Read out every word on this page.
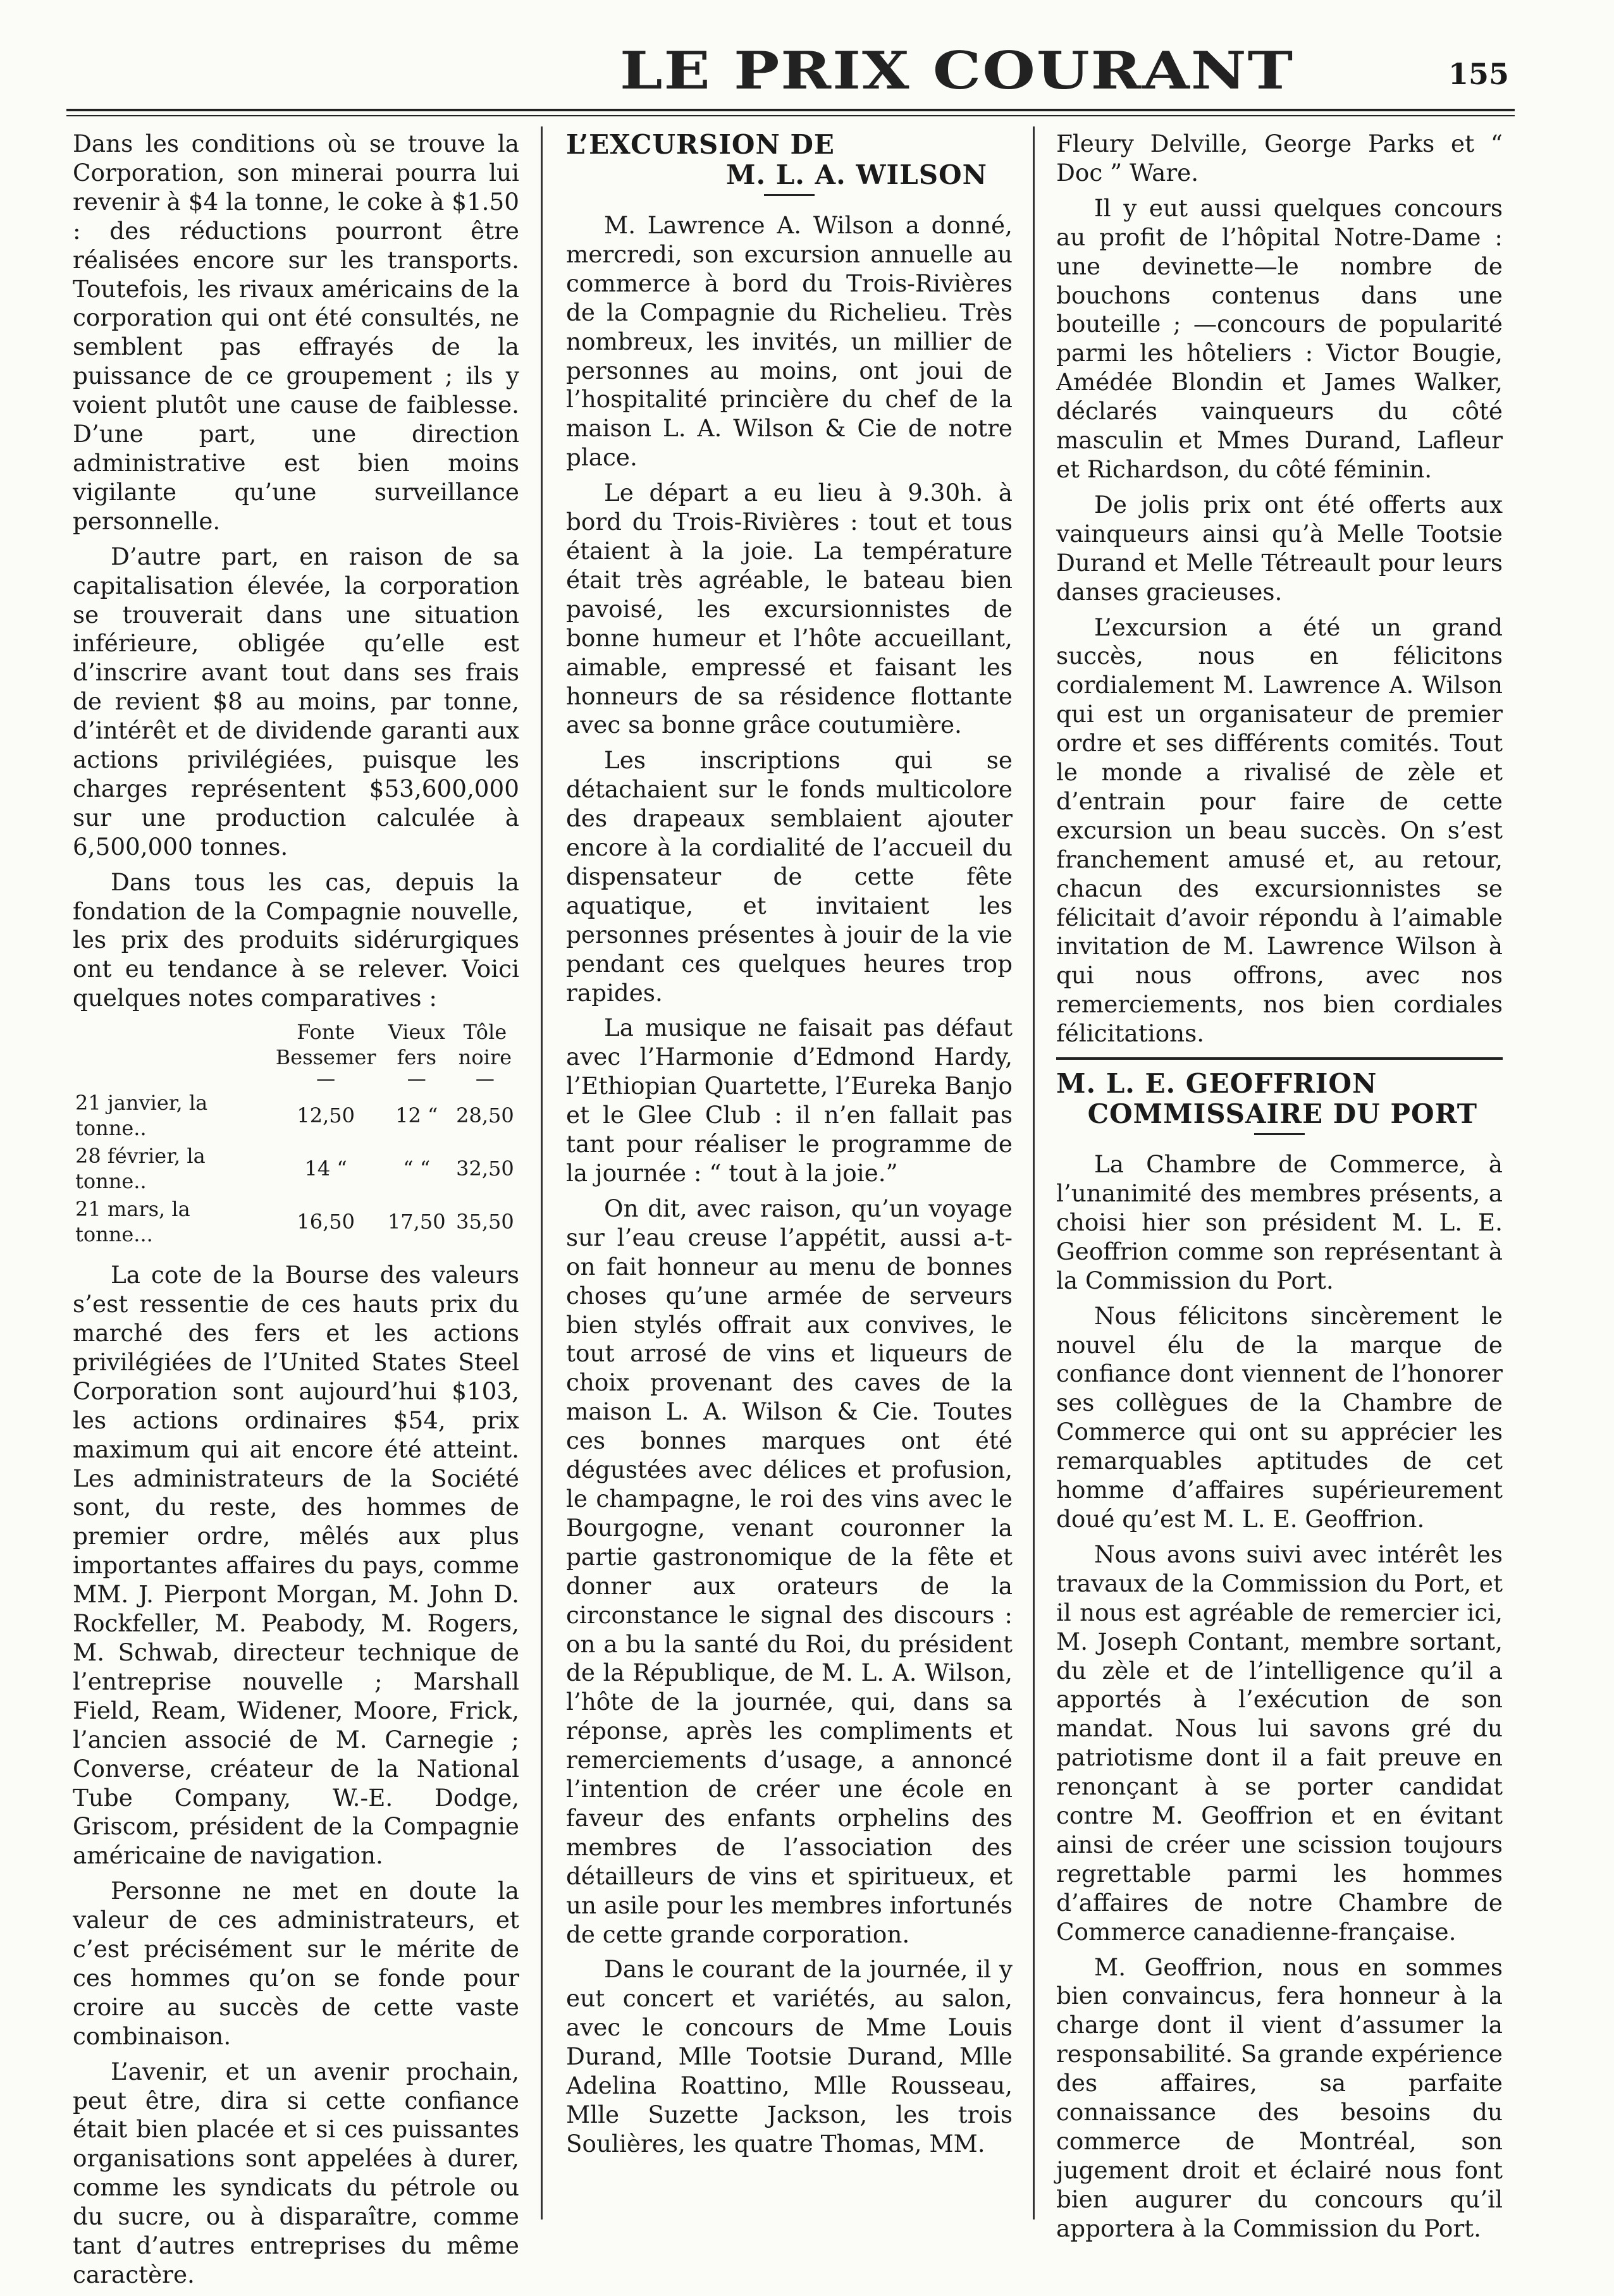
LE PRIX COURANT	155

Dans les conditions où se trouve la Corporation, son minerai pourra lui revenir à $4 la tonne, le coke à $1.50 : des réductions pourront être réalisées encore sur les transports. Toutefois, les rivaux américains de la corporation qui ont été consultés, ne semblent pas effrayés de la puissance de ce groupement ; ils y voient plutôt une cause de faiblesse. D’une part, une direction administrative est bien moins vigilante qu’une surveillance personnelle.

D’autre part, en raison de sa capitalisation élevée, la corporation se trouverait dans une situation inférieure, obligée qu’elle est d’inscrire avant tout dans ses frais de revient $8 au moins, par tonne, d’intérêt et de dividende garanti aux actions privilégiées, puisque les charges représentent $53,600,000 sur une production calculée à 6,500,000 tonnes.

Dans tous les cas, depuis la fondation de la Compagnie nouvelle, les prix des produits sidérurgiques ont eu tendance à se relever. Voici quelques notes comparatives :

	Fonte Bessemer	Vieux fers	Tôle noire
	—	—	—
21 janvier, la tonne..	12,50	12 “	28,50
28 février, la tonne..	14 “	“ “	32,50
21 mars, la tonne...	16,50	17,50	35,50

La cote de la Bourse des valeurs s’est ressentie de ces hauts prix du marché des fers et les actions privilégiées de l’United States Steel Corporation sont aujourd’hui $103, les actions ordinaires $54, prix maximum qui ait encore été atteint. Les administrateurs de la Société sont, du reste, des hommes de premier ordre, mêlés aux plus importantes affaires du pays, comme MM. J. Pierpont Morgan, M. John D. Rockfeller, M. Peabody, M. Rogers, M. Schwab, directeur technique de l’entreprise nouvelle ; Marshall Field, Ream, Widener, Moore, Frick, l’ancien associé de M. Carnegie ; Converse, créateur de la National Tube Company, W.-E. Dodge, Griscom, président de la Compagnie américaine de navigation.

Personne ne met en doute la valeur de ces administrateurs, et c’est précisément sur le mérite de ces hommes qu’on se fonde pour croire au succès de cette vaste combinaison.

L’avenir, et un avenir prochain, peut être, dira si cette confiance était bien placée et si ces puissantes organisations sont appelées à durer, comme les syndicats du pétrole ou du sucre, ou à disparaître, comme tant d’autres entreprises du même caractère.

L’EXCURSION DE
M. L. A. WILSON

M. Lawrence A. Wilson a donné, mercredi, son excursion annuelle au commerce à bord du Trois-Rivières de la Compagnie du Richelieu. Très nombreux, les invités, un millier de personnes au moins, ont joui de l’hospitalité princière du chef de la maison L. A. Wilson & Cie de notre place.

Le départ a eu lieu à 9.30h. à bord du Trois-Rivières : tout et tous étaient à la joie. La température était très agréable, le bateau bien pavoisé, les excursionnistes de bonne humeur et l’hôte accueillant, aimable, empressé et faisant les honneurs de sa résidence flottante avec sa bonne grâce coutumière.

Les inscriptions qui se détachaient sur le fonds multicolore des drapeaux semblaient ajouter encore à la cordialité de l’accueil du dispensateur de cette fête aquatique, et invitaient les personnes présentes à jouir de la vie pendant ces quelques heures trop rapides.

La musique ne faisait pas défaut avec l’Harmonie d’Edmond Hardy, l’Ethiopian Quartette, l’Eureka Banjo et le Glee Club : il n’en fallait pas tant pour réaliser le programme de la journée : “ tout à la joie.”

On dit, avec raison, qu’un voyage sur l’eau creuse l’appétit, aussi a-t-on fait honneur au menu de bonnes choses qu’une armée de serveurs bien stylés offrait aux convives, le tout arrosé de vins et liqueurs de choix provenant des caves de la maison L. A. Wilson & Cie. Toutes ces bonnes marques ont été dégustées avec délices et profusion, le champagne, le roi des vins avec le Bourgogne, venant couronner la partie gastronomique de la fête et donner aux orateurs de la circonstance le signal des discours : on a bu la santé du Roi, du président de la République, de M. L. A. Wilson, l’hôte de la journée, qui, dans sa réponse, après les compliments et remerciements d’usage, a annoncé l’intention de créer une école en faveur des enfants orphelins des membres de l’association des détailleurs de vins et spiritueux, et un asile pour les membres infortunés de cette grande corporation.

Dans le courant de la journée, il y eut concert et variétés, au salon, avec le concours de Mme Louis Durand, Mlle Tootsie Durand, Mlle Adelina Roattino, Mlle Rousseau, Mlle Suzette Jackson, les trois Soulières, les quatre Thomas, MM.

Fleury Delville, George Parks et “ Doc ” Ware.

Il y eut aussi quelques concours au profit de l’hôpital Notre-Dame : une devinette—le nombre de bouchons contenus dans une bouteille ; —concours de popularité parmi les hôteliers : Victor Bougie, Amédée Blondin et James Walker, déclarés vainqueurs du côté masculin et Mmes Durand, Lafleur et Richardson, du côté féminin.

De jolis prix ont été offerts aux vainqueurs ainsi qu’à Melle Tootsie Durand et Melle Tétreault pour leurs danses gracieuses.

L’excursion a été un grand succès, nous en félicitons cordialement M. Lawrence A. Wilson qui est un organisateur de premier ordre et ses différents comités. Tout le monde a rivalisé de zèle et d’entrain pour faire de cette excursion un beau succès. On s’est franchement amusé et, au retour, chacun des excursionnistes se félicitait d’avoir répondu à l’aimable invitation de M. Lawrence Wilson à qui nous offrons, avec nos remerciements, nos bien cordiales félicitations.

M. L. E. GEOFFRION
COMMISSAIRE DU PORT

La Chambre de Commerce, à l’unanimité des membres présents, a choisi hier son président M. L. E. Geoffrion comme son représentant à la Commission du Port.

Nous félicitons sincèrement le nouvel élu de la marque de confiance dont viennent de l’honorer ses collègues de la Chambre de Commerce qui ont su apprécier les remarquables aptitudes de cet homme d’affaires supérieurement doué qu’est M. L. E. Geoffrion.

Nous avons suivi avec intérêt les travaux de la Commission du Port, et il nous est agréable de remercier ici, M. Joseph Contant, membre sortant, du zèle et de l’intelligence qu’il a apportés à l’exécution de son mandat. Nous lui savons gré du patriotisme dont il a fait preuve en renonçant à se porter candidat contre M. Geoffrion et en évitant ainsi de créer une scission toujours regrettable parmi les hommes d’affaires de notre Chambre de Commerce canadienne-française.

M. Geoffrion, nous en sommes bien convaincus, fera honneur à la charge dont il vient d’assumer la responsabilité. Sa grande expérience des affaires, sa parfaite connaissance des besoins du commerce de Montréal, son jugement droit et éclairé nous font bien augurer du concours qu’il apportera à la Commission du Port.
